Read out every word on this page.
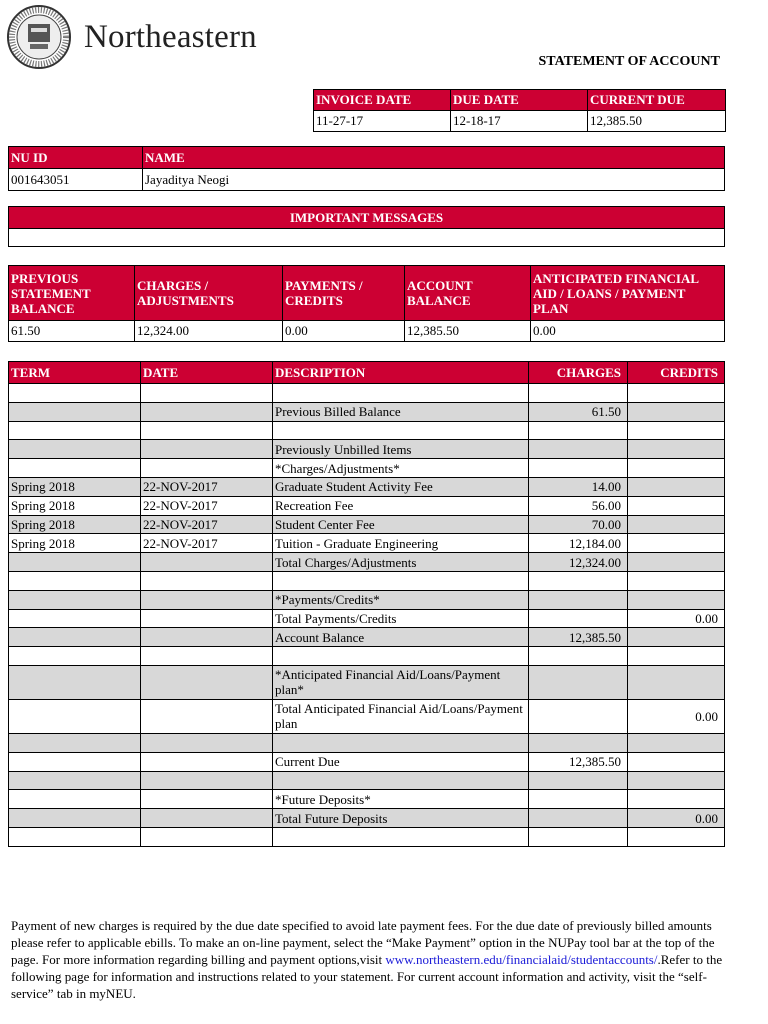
Northeastern
STATEMENT OF ACCOUNT
INVOICE DATE	DUE DATE	CURRENT DUE
11-27-17	12-18-17	12,385.50
NU ID	NAME
001643051	Jayaditya Neogi
IMPORTANT MESSAGES

PREVIOUS STATEMENT BALANCE	CHARGES / ADJUSTMENTS	PAYMENTS / CREDITS	ACCOUNT BALANCE	ANTICIPATED FINANCIAL AID / LOANS / PAYMENT PLAN
61.50	12,324.00	0.00	12,385.50	0.00
TERM	DATE	DESCRIPTION	CHARGES	CREDITS

		Previous Billed Balance	61.50	

		Previously Unbilled Items		
		*Charges/Adjustments*		
Spring 2018	22-NOV-2017	Graduate Student Activity Fee	14.00	
Spring 2018	22-NOV-2017	Recreation Fee	56.00	
Spring 2018	22-NOV-2017	Student Center Fee	70.00	
Spring 2018	22-NOV-2017	Tuition - Graduate Engineering	12,184.00	
		Total Charges/Adjustments	12,324.00	

		*Payments/Credits*		
		Total Payments/Credits		0.00
		Account Balance	12,385.50	

		*Anticipated Financial Aid/Loans/Payment plan*		
		Total Anticipated Financial Aid/Loans/Payment plan		0.00

		Current Due	12,385.50	

		*Future Deposits*		
		Total Future Deposits		0.00

Payment of new charges is required by the due date specified to avoid late payment fees. For the due date of previously billed amounts please refer to applicable ebills. To make an on-line payment, select the “Make Payment” option in the NUPay tool bar at the top of the page. For more information regarding billing and payment options,visit www.northeastern.edu/financialaid/studentaccounts/.Refer to the following page for information and instructions related to your statement. For current account information and activity, visit the “self-service” tab in myNEU.
